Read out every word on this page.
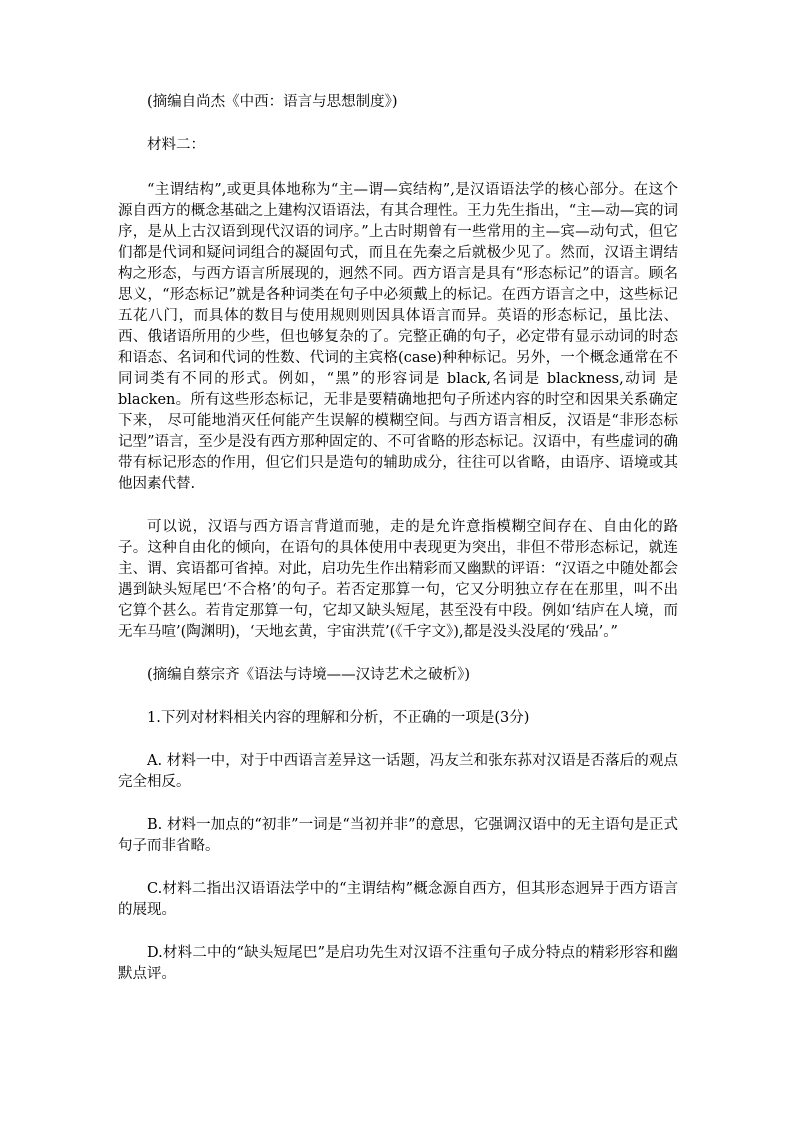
(摘编自尚杰《中西：语言与思想制度》)

材料二：

“主谓结构”,或更具体地称为“主—谓—宾结构”,是汉语语法学的核心部分。在这个源自西方的概念基础之上建构汉语语法，有其合理性。王力先生指出，“主—动—宾的词序，是从上古汉语到现代汉语的词序。”上古时期曾有一些常用的主—宾—动句式，但它们都是代词和疑问词组合的凝固句式，而且在先秦之后就极少见了。然而，汉语主谓结构之形态，与西方语言所展现的，迥然不同。西方语言是具有“形态标记”的语言。顾名思义，“形态标记”就是各种词类在句子中必须戴上的标记。在西方语言之中，这些标记五花八门，而具体的数目与使用规则则因具体语言而异。英语的形态标记，虽比法、西、俄诸语所用的少些，但也够复杂的了。完整正确的句子，必定带有显示动词的时态和语态、名词和代词的性数、代词的主宾格(case)种种标记。另外，一个概念通常在不同词类有不同的形式。例如，“黑”的形容词是 black,名词是 blackness,动词 是 blacken。所有这些形态标记，无非是要精确地把句子所述内容的时空和因果关系确定下来， 尽可能地消灭任何能产生误解的模糊空间。与西方语言相反，汉语是“非形态标记型”语言，至少是没有西方那种固定的、不可省略的形态标记。汉语中，有些虚词的确带有标记形态的作用，但它们只是造句的辅助成分，往往可以省略，由语序、语境或其他因素代替.

可以说，汉语与西方语言背道而驰，走的是允许意指模糊空间存在、自由化的路子。这种自由化的倾向，在语句的具体使用中表现更为突出，非但不带形态标记，就连主、谓、宾语都可省掉。对此，启功先生作出精彩而又幽默的评语：“汉语之中随处都会遇到缺头短尾巴‘不合格’的句子。若否定那算一句，它又分明独立存在在那里，叫不出它算个甚么。若肯定那算一句，它却又缺头短尾，甚至没有中段。例如‘结庐在人境，而无车马喧’(陶渊明)，‘天地玄黄，宇宙洪荒’(《千字文》),都是没头没尾的‘残品’。”

(摘编自蔡宗齐《语法与诗境——汉诗艺术之破析》)

1.下列对材料相关内容的理解和分析，不正确的一项是(3分)

A. 材料一中，对于中西语言差异这一话题，冯友兰和张东荪对汉语是否落后的观点完全相反。

B. 材料一加点的“初非”一词是“当初并非”的意思，它强调汉语中的无主语句是正式句子而非省略。

C.材料二指出汉语语法学中的“主谓结构”概念源自西方，但其形态迥异于西方语言的展现。

D.材料二中的“缺头短尾巴”是启功先生对汉语不注重句子成分特点的精彩形容和幽默点评。
